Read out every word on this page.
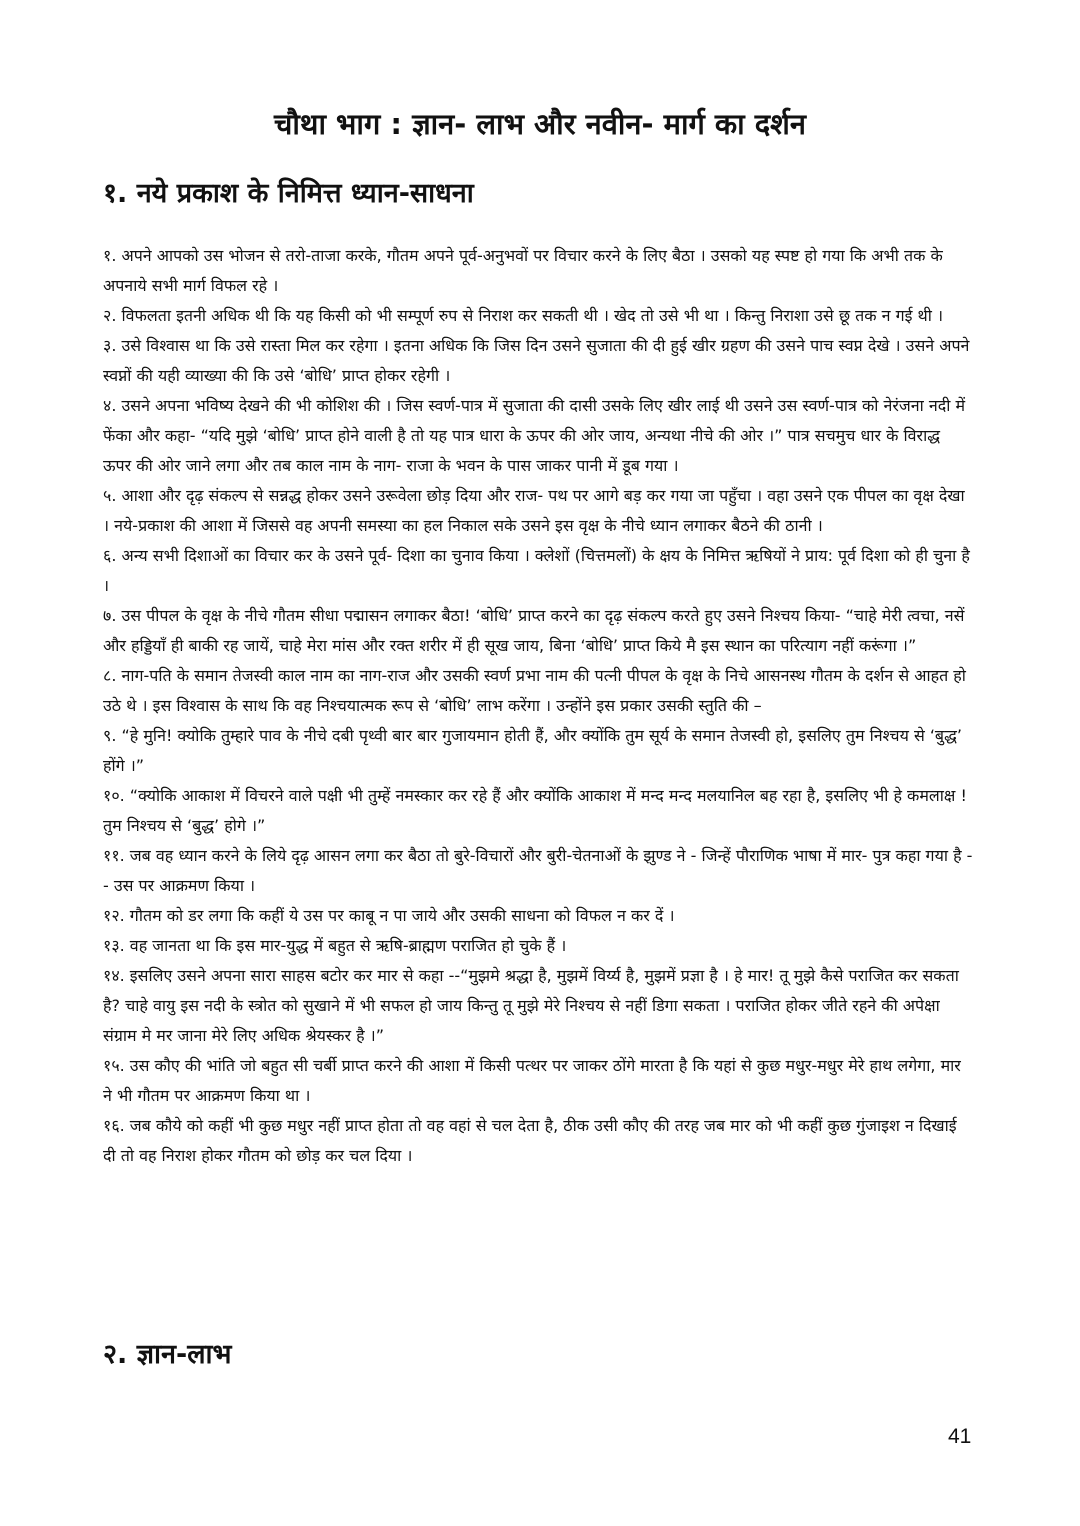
चौथा भाग : ज्ञान- लाभ और नवीन- मार्ग का दर्शन
१. नये प्रकाश के निमित्त ध्यान-साधना

१. अपने आपको उस भोजन से तरो-ताजा करके, गौतम अपने पूर्व-अनुभवों पर विचार करने के लिए बैठा । उसको यह स्पष्ट हो गया कि अभी तक के अपनाये सभी मार्ग विफल रहे ।

२. विफलता इतनी अधिक थी कि यह किसी को भी सम्पूर्ण रुप से निराश कर सकती थी । खेद तो उसे भी था । किन्तु निराशा उसे छू तक न गई थी ।

३. उसे विश्वास था कि उसे रास्ता मिल कर रहेगा । इतना अधिक कि जिस दिन उसने सुजाता की दी हुई खीर ग्रहण की उसने पाच स्वप्न देखे । उसने अपने स्वप्नों की यही व्याख्या की कि उसे ‘बोधि’ प्राप्त होकर रहेगी ।

४. उसने अपना भविष्य देखने की भी कोशिश की । जिस स्वर्ण-पात्र में सुजाता की दासी उसके लिए खीर लाई थी उसने उस स्वर्ण-पात्र को नेरंजना नदी में फेंका और कहा- “यदि मुझे ‘बोधि’ प्राप्त होने वाली है तो यह पात्र धारा के ऊपर की ओर जाय, अन्यथा नीचे की ओर ।” पात्र सचमुच धार के विराद्ध ऊपर की ओर जाने लगा और तब काल नाम के नाग- राजा के भवन के पास जाकर पानी में डूब गया ।

५. आशा और दृढ़ संकल्प से सन्नद्ध होकर उसने उरूवेला छोड़ दिया और राज- पथ पर आगे बड़ कर गया जा पहुँचा । वहा उसने एक पीपल का वृक्ष देखा । नये-प्रकाश की आशा में जिससे वह अपनी समस्या का हल निकाल सके उसने इस वृक्ष के नीचे ध्यान लगाकर बैठने की ठानी ।

६. अन्य सभी दिशाओं का विचार कर के उसने पूर्व- दिशा का चुनाव किया । क्लेशों (चित्तमलों) के क्षय के निमित्त ऋषियों ने प्राय: पूर्व दिशा को ही चुना है ।

७. उस पीपल के वृक्ष के नीचे गौतम सीधा पद्मासन लगाकर बैठा! ‘बोधि’ प्राप्त करने का दृढ़ संकल्प करते हुए उसने निश्चय किया- “चाहे मेरी त्वचा, नसें और हड्डियाँ ही बाकी रह जायें, चाहे मेरा मांस और रक्त शरीर में ही सूख जाय, बिना ‘बोधि’ प्राप्त किये मै इस स्थान का परित्याग नहीं करूंगा ।”

८. नाग-पति के समान तेजस्वी काल नाम का नाग-राज और उसकी स्वर्ण प्रभा नाम की पत्नी पीपल के वृक्ष के निचे आसनस्थ गौतम के दर्शन से आहत हो उठे थे । इस विश्वास के साथ कि वह निश्चयात्मक रूप से ‘बोधि’ लाभ करेंगा । उन्होंने इस प्रकार उसकी स्तुति की –

९. “हे मुनि! क्योकि तुम्हारे पाव के नीचे दबी पृथ्वी बार बार गुजायमान होती हैं, और क्योंकि तुम सूर्य के समान तेजस्वी हो, इसलिए तुम निश्चय से ‘बुद्ध’ होंगे ।”

१०. “क्योकि आकाश में विचरने वाले पक्षी भी तुम्हें नमस्कार कर रहे हैं और क्योंकि आकाश में मन्द मन्द मलयानिल बह रहा है, इसलिए भी हे कमलाक्ष ! तुम निश्चय से ‘बुद्ध’ होगे ।”

११. जब वह ध्यान करने के लिये दृढ़ आसन लगा कर बैठा तो बुरे-विचारों और बुरी-चेतनाओं के झुण्ड ने - जिन्हें पौराणिक भाषा में मार- पुत्र कहा गया है -- उस पर आक्रमण किया ।

१२. गौतम को डर लगा कि कहीं ये उस पर काबू न पा जाये और उसकी साधना को विफल न कर दें ।

१३. वह जानता था कि इस मार-युद्ध में बहुत से ऋषि-ब्राह्मण पराजित हो चुके हैं ।

१४. इसलिए उसने अपना सारा साहस बटोर कर मार से कहा --“मुझमे श्रद्धा है, मुझमें विर्य्य है, मुझमें प्रज्ञा है । हे मार! तू मुझे कैसे पराजित कर सकता है? चाहे वायु इस नदी के स्त्रोत को सुखाने में भी सफल हो जाय किन्तु तू मुझे मेरे निश्चय से नहीं डिगा सकता । पराजित होकर जीते रहने की अपेक्षा संग्राम मे मर जाना मेरे लिए अधिक श्रेयस्कर है ।”

१५. उस कौए की भांति जो बहुत सी चर्बी प्राप्त करने की आशा में किसी पत्थर पर जाकर ठोंगे मारता है कि यहां से कुछ मधुर-मधुर मेरे हाथ लगेगा, मार ने भी गौतम पर आक्रमण किया था ।

१६. जब कौये को कहीं भी कुछ मधुर नहीं प्राप्त होता तो वह वहां से चल देता है, ठीक उसी कौए की तरह जब मार को भी कहीं कुछ गुंजाइश न दिखाई दी तो वह निराश होकर गौतम को छोड़ कर चल दिया ।

२. ज्ञान-लाभ
41
